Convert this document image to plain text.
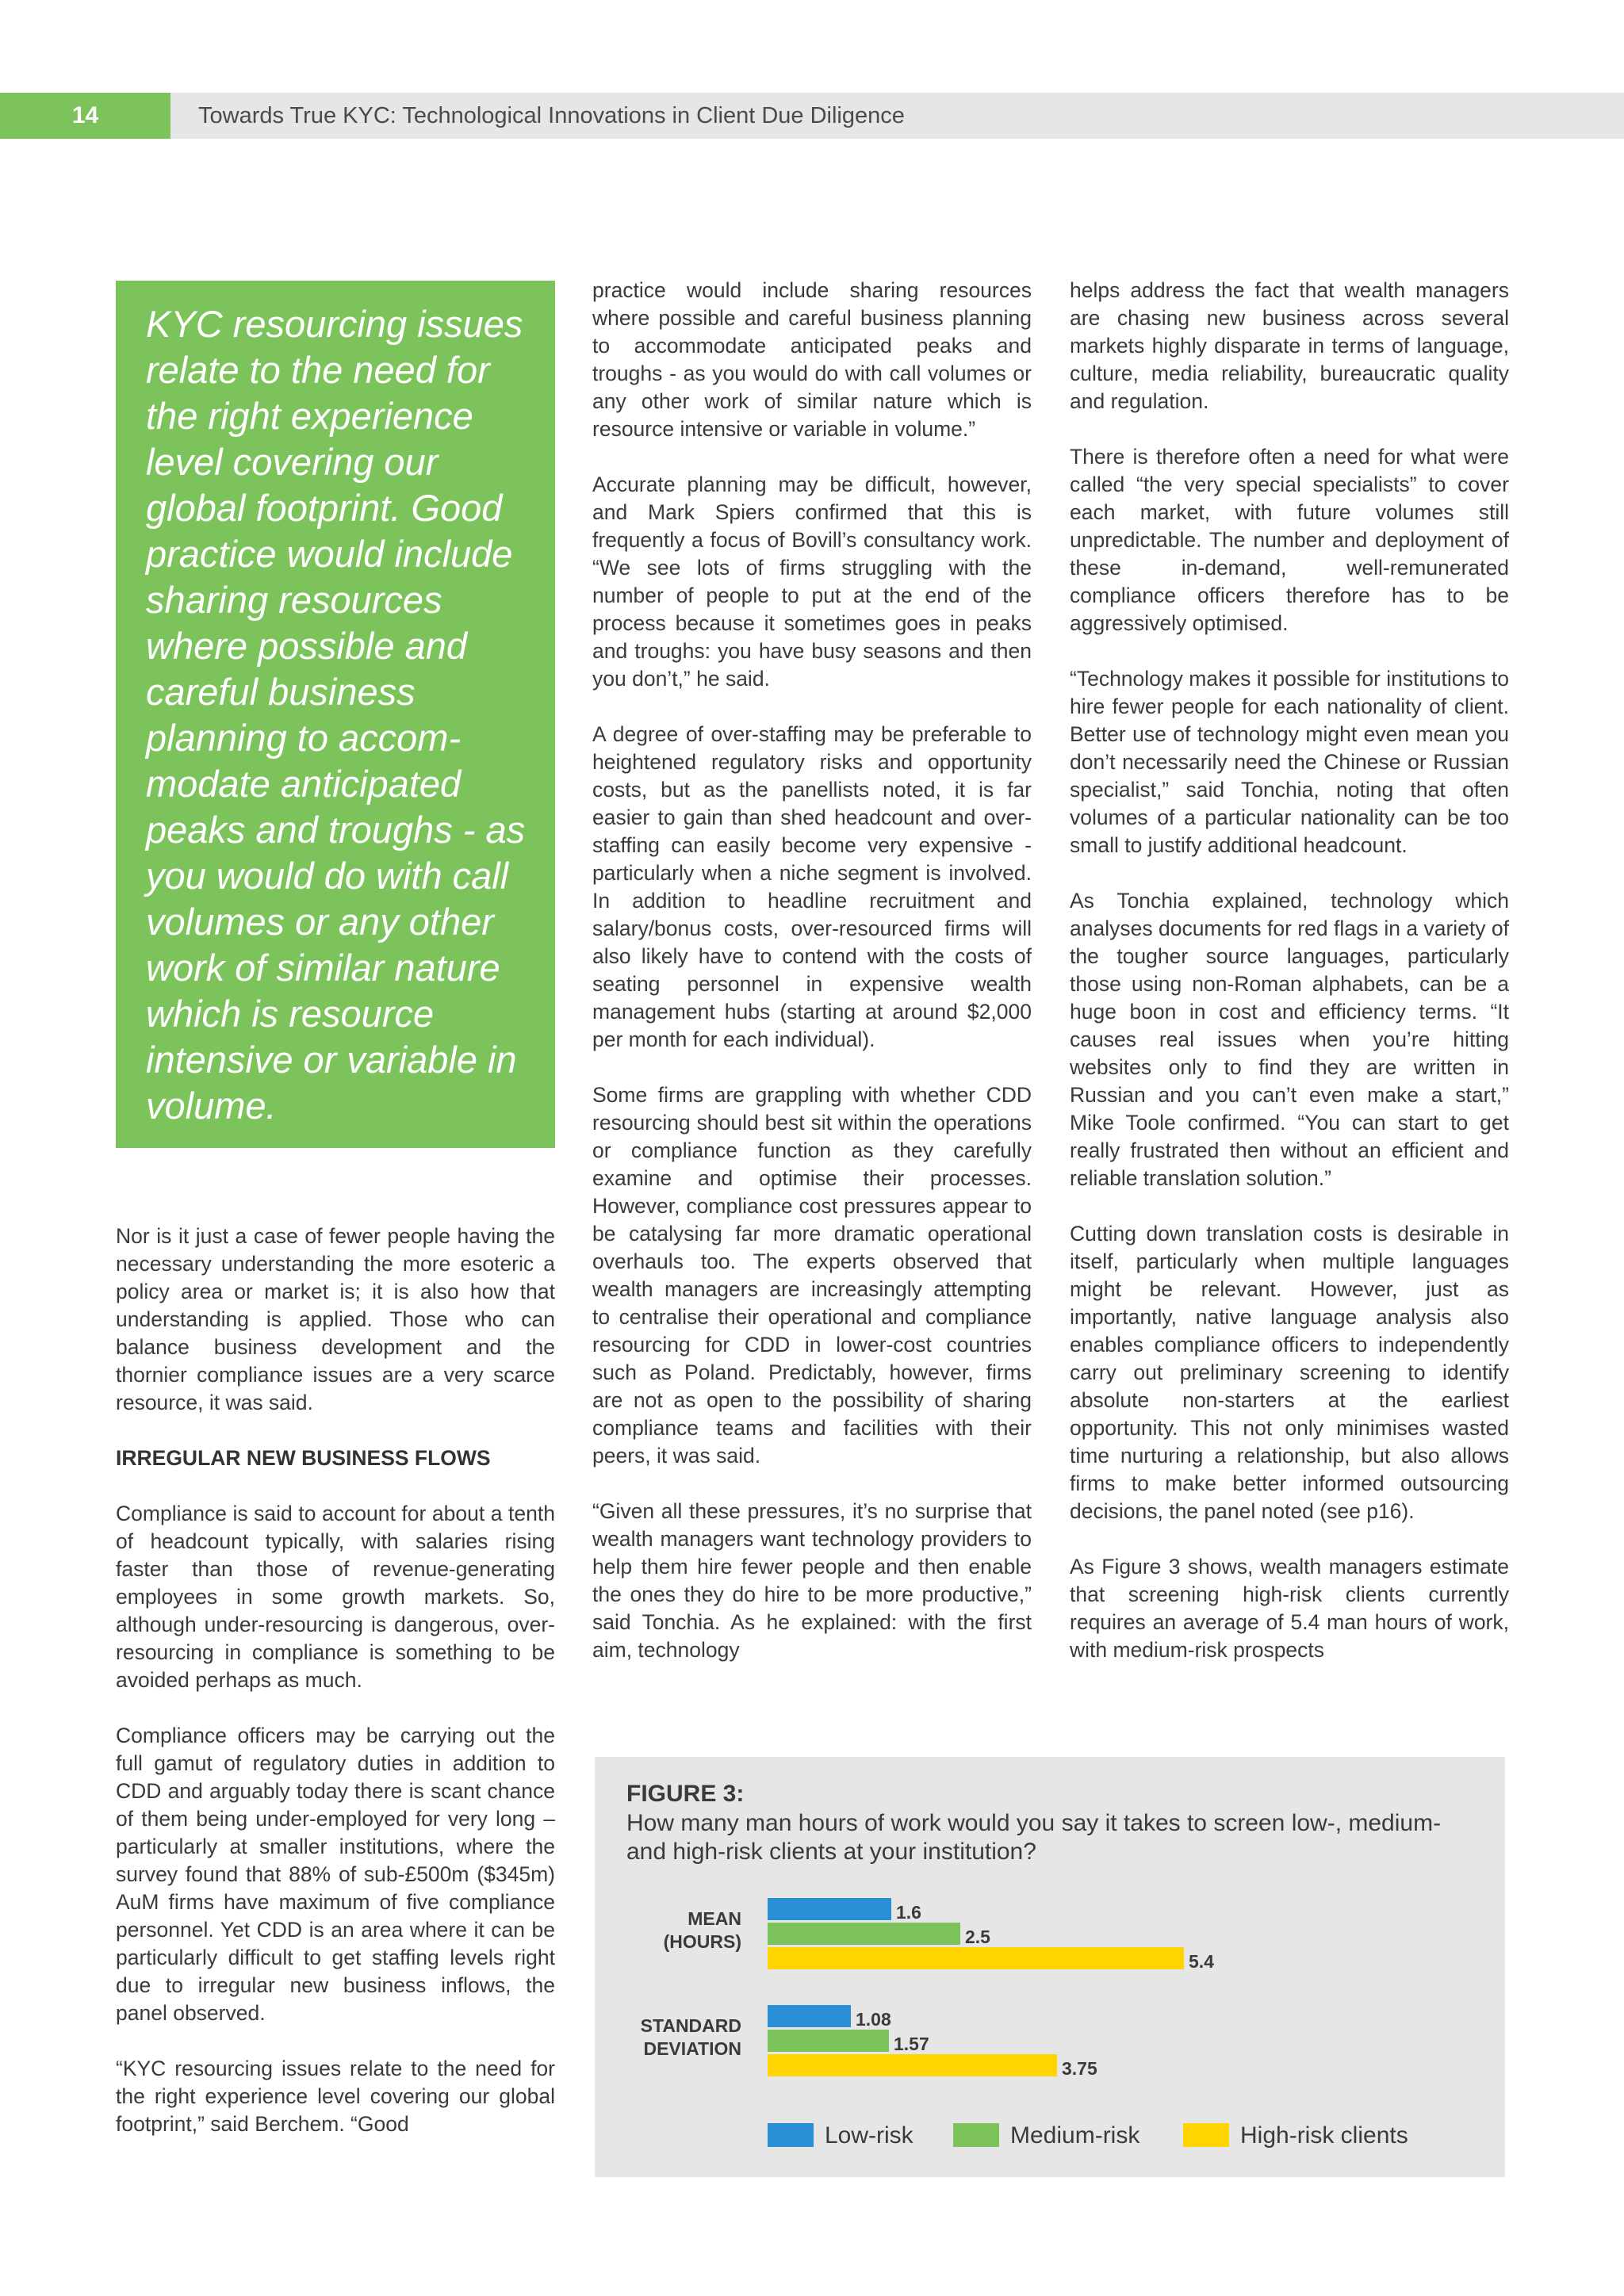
14	Towards True KYC: Technological Innovations in Client Due Diligence
KYC resourcing issues relate to the need for the right experience level covering our global footprint. Good practice would include sharing resources where possible and careful business planning to accommodate anticipated peaks and troughs - as you would do with call volumes or any other work of similar nature which is resource intensive or variable in volume.

Nor is it just a case of fewer people having the necessary understanding the more esoteric a policy area or market is; it is also how that understanding is applied. Those who can balance business development and the thornier compliance issues are a very scarce resource, it was said.

IRREGULAR NEW BUSINESS FLOWS

Compliance is said to account for about a tenth of headcount typically, with salaries rising faster than those of revenue-generating employees in some growth markets. So, although under-resourcing is dangerous, over-resourcing in compliance is something to be avoided perhaps as much.

Compliance officers may be carrying out the full gamut of regulatory duties in addition to CDD and arguably today there is scant chance of them being under-employed for very long – particularly at smaller institutions, where the survey found that 88% of sub-£500m ($345m) AuM firms have maximum of five compliance personnel. Yet CDD is an area where it can be particularly difficult to get staffing levels right due to irregular new business inflows, the panel observed.

“KYC resourcing issues relate to the need for the right experience level covering our global footprint,” said Berchem. “Good

practice would include sharing resources where possible and careful business planning to accommodate anticipated peaks and troughs - as you would do with call volumes or any other work of similar nature which is resource intensive or variable in volume.”

Accurate planning may be difficult, however, and Mark Spiers confirmed that this is frequently a focus of Bovill’s consultancy work. “We see lots of firms struggling with the number of people to put at the end of the process because it sometimes goes in peaks and troughs: you have busy seasons and then you don’t,” he said.

A degree of over-staffing may be preferable to heightened regulatory risks and opportunity costs, but as the panellists noted, it is far easier to gain than shed headcount and over-staffing can easily become very expensive - particularly when a niche segment is involved. In addition to headline recruitment and salary/bonus costs, over-resourced firms will also likely have to contend with the costs of seating personnel in expensive wealth management hubs (starting at around $2,000 per month for each individual).

Some firms are grappling with whether CDD resourcing should best sit within the operations or compliance function as they carefully examine and optimise their processes. However, compliance cost pressures appear to be catalysing far more dramatic operational overhauls too. The experts observed that wealth managers are increasingly attempting to centralise their operational and compliance resourcing for CDD in lower-cost countries such as Poland. Predictably, however, firms are not as open to the possibility of sharing compliance teams and facilities with their peers, it was said.

“Given all these pressures, it’s no surprise that wealth managers want technology providers to help them hire fewer people and then enable the ones they do hire to be more productive,” said Tonchia. As he explained: with the first aim, technology

helps address the fact that wealth managers are chasing new business across several markets highly disparate in terms of language, culture, media reliability, bureaucratic quality and regulation.

There is therefore often a need for what were called “the very special specialists” to cover each market, with future volumes still unpredictable. The number and deployment of these in-demand, well-remunerated compliance officers therefore has to be aggressively optimised.

“Technology makes it possible for institutions to hire fewer people for each nationality of client. Better use of technology might even mean you don’t necessarily need the Chinese or Russian specialist,” said Tonchia, noting that often volumes of a particular nationality can be too small to justify additional headcount.

As Tonchia explained, technology which analyses documents for red flags in a variety of the tougher source languages, particularly those using non-Roman alphabets, can be a huge boon in cost and efficiency terms. “It causes real issues when you’re hitting websites only to find they are written in Russian and you can’t even make a start,” Mike Toole confirmed. “You can start to get really frustrated then without an efficient and reliable translation solution.”

Cutting down translation costs is desirable in itself, particularly when multiple languages might be relevant. However, just as importantly, native language analysis also enables compliance officers to independently carry out preliminary screening to identify absolute non-starters at the earliest opportunity. This not only minimises wasted time nurturing a relationship, but also allows firms to make better informed outsourcing decisions, the panel noted (see p16).

As Figure 3 shows, wealth managers estimate that screening high-risk clients currently requires an average of 5.4 man hours of work, with medium-risk prospects

FIGURE 3:
How many man hours of work would you say it takes to screen low-, medium- and high-risk clients at your institution?
MEAN
(HOURS)
STANDARD
DEVIATION
Low-risk	Medium-risk	High-risk clients
1.6
1.08
2.5
1.57
5.4
3.75
